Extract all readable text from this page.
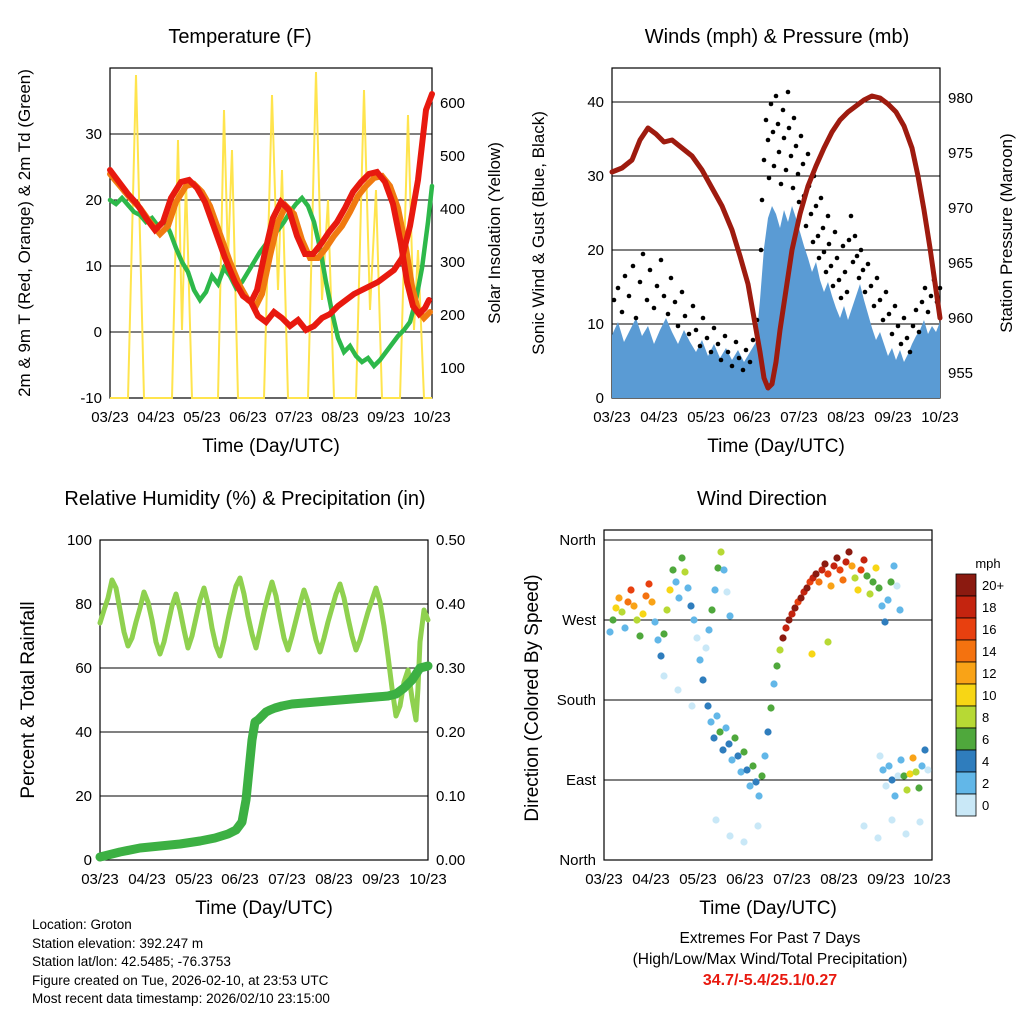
Temperature (F)
-10
0
10
20
30
2m & 9m T (Red, Orange) & 2m Td (Green)	100
200
300
400
500
600
Solar Insolation (Yellow)
03/23 04/23 05/23 06/23 07/23 08/23 09/23 10/23
Time (Day/UTC)
Winds (mph) & Pressure (mb)
0
10
20
30
40
Sonic Wind & Gust (Blue, Black)
955
960
965
970
975
980
Station Pressure (Maroon)
03/23 04/23 05/23 06/23 07/23 08/23 09/23 10/23
Time (Day/UTC)
Relative Humidity (%) & Precipitation (in)
0
20
40
60
80
100
Percent & Total Rainfall
0.00
0.10
0.20
0.30
0.40
0.50
03/23 04/23 05/23 06/23 07/23 08/23 09/23 10/23
Time (Day/UTC)
Wind Direction
North
West
South
East
North
Direction (Colored By Speed)
03/23 04/23 05/23 06/23 07/23 08/23 09/23 10/23
Time (Day/UTC)
mph
20+
18
16
14
12
10
8
6
4
2
0
Location: Groton
Station elevation: 392.247 m
Station lat/lon: 42.5485; -76.3753
Figure created on Tue, 2026-02-10, at 23:53 UTC
Most recent data timestamp: 2026/02/10 23:15:00
Extremes For Past 7 Days
(High/Low/Max Wind/Total Precipitation)
34.7/-5.4/25.1/0.27
